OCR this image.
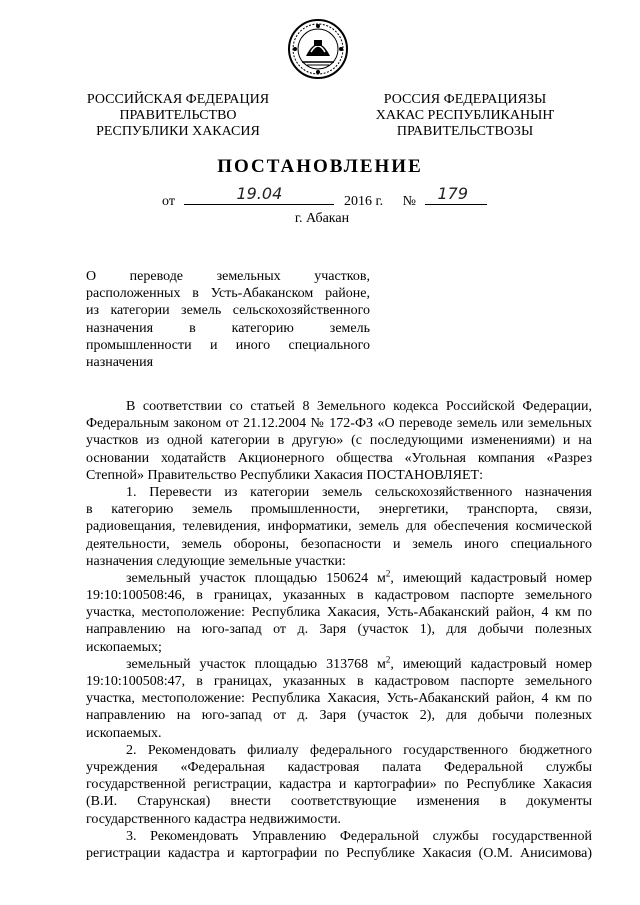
РОССИЙСКАЯ ФЕДЕРАЦИЯ
ПРАВИТЕЛЬСТВО
РЕСПУБЛИКИ ХАКАСИЯ
РОССИЯ ФЕДЕРАЦИЯЗЫ
ХАКАС РЕСПУБЛИКАНЫҤ
ПРАВИТЕЛЬСТВОЗЫ
ПОСТАНОВЛЕНИЕ
от	19.04	2016 г. № 179
г. Абакан
О переводе земельных участков,
расположенных в Усть-Абаканском районе,
из категории земель сельскохозяйственного
назначения в категорию земель
промышленности и иного специального
назначения
В соответствии со статьей 8 Земельного кодекса Российской Федерации,
Федеральным законом от 21.12.2004 № 172-ФЗ «О переводе земель или земельных
участков из одной категории в другую» (с последующими изменениями) и на
основании ходатайств Акционерного общества «Угольная компания «Разрез
Степной» Правительство Республики Хакасия ПОСТАНОВЛЯЕТ:
1. Перевести из категории земель сельскохозяйственного назначения
в категорию земель промышленности, энергетики, транспорта, связи,
радиовещания, телевидения, информатики, земель для обеспечения космической
деятельности, земель обороны, безопасности и земель иного специального
назначения следующие земельные участки:
земельный участок площадью 150624 $м^2$, имеющий кадастровый номер
19:10:100508:46, в границах, указанных в кадастровом паспорте земельного
участка, местоположение: Республика Хакасия, Усть-Абаканский район, 4 км по
направлению на юго-запад от д. Заря (участок 1), для добычи полезных
ископаемых;
земельный участок площадью 313768 $м^2$, имеющий кадастровый номер
19:10:100508:47, в границах, указанных в кадастровом паспорте земельного
участка, местоположение: Республика Хакасия, Усть-Абаканский район, 4 км по
направлению на юго-запад от д. Заря (участок 2), для добычи полезных
ископаемых.
2. Рекомендовать филиалу федерального государственного бюджетного
учреждения «Федеральная кадастровая палата Федеральной службы
государственной регистрации, кадастра и картографии» по Республике Хакасия
(В.И. Старунская) внести соответствующие изменения в документы
государственного кадастра недвижимости.
3. Рекомендовать Управлению Федеральной службы государственной
регистрации кадастра и картографии по Республике Хакасия (О.М. Анисимова)
